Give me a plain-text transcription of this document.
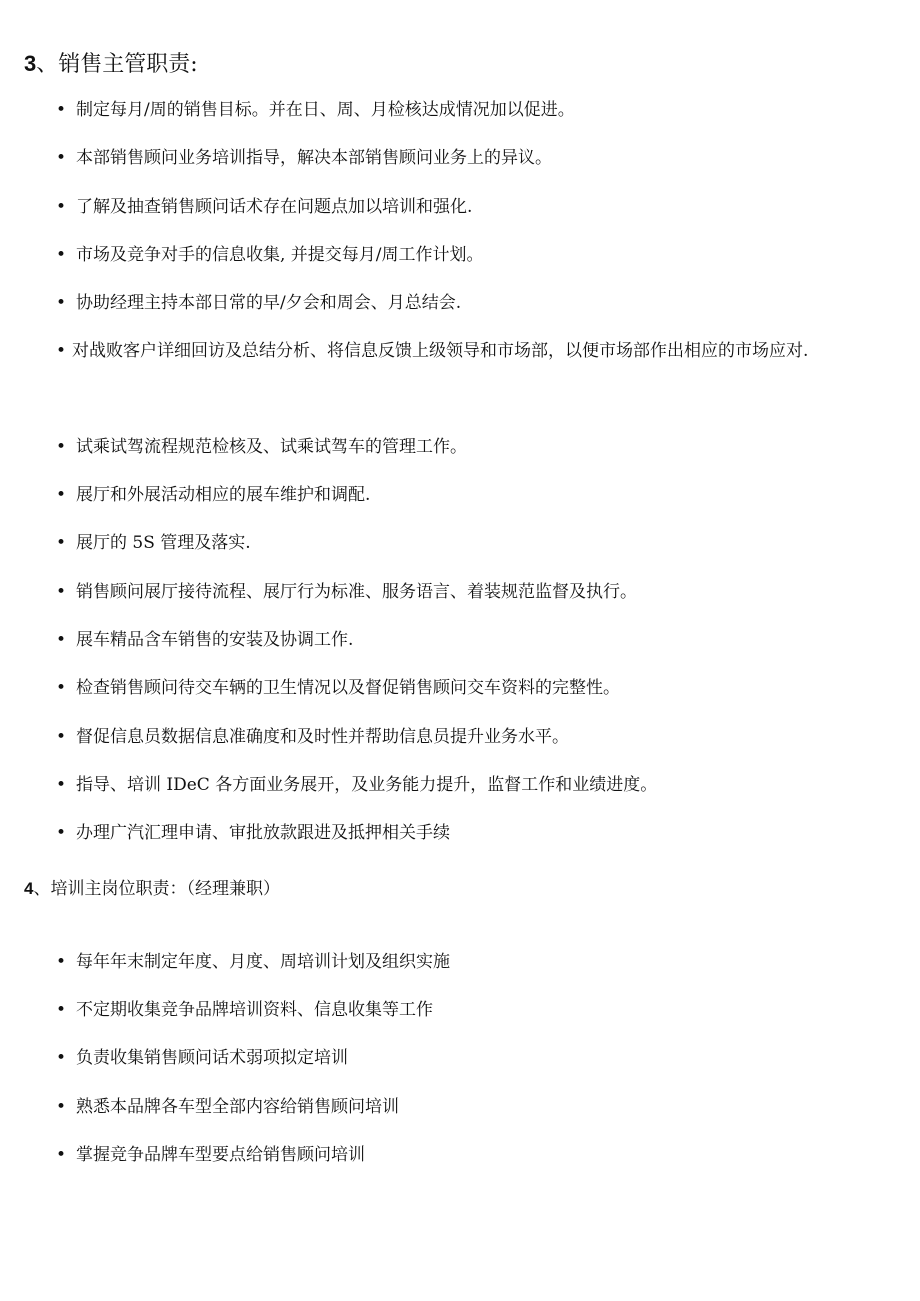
3、销售主管职责:
• 制定每月/周的销售目标。并在日、周、月检核达成情况加以促进。
• 本部销售顾问业务培训指导，解决本部销售顾问业务上的异议。
• 了解及抽查销售顾问话术存在问题点加以培训和强化.
• 市场及竞争对手的信息收集, 并提交每月/周工作计划。
• 协助经理主持本部日常的早/夕会和周会、月总结会.
• 对战败客户详细回访及总结分析、将信息反馈上级领导和市场部，以便市场部作出相应的市场应对.
• 试乘试驾流程规范检核及、试乘试驾车的管理工作。
• 展厅和外展活动相应的展车维护和调配.
• 展厅的 5S 管理及落实.
• 销售顾问展厅接待流程、展厅行为标准、服务语言、着装规范监督及执行。
• 展车精品含车销售的安装及协调工作.
• 检查销售顾问待交车辆的卫生情况以及督促销售顾问交车资料的完整性。
• 督促信息员数据信息准确度和及时性并帮助信息员提升业务水平。
• 指导、培训 IDeC 各方面业务展开，及业务能力提升，监督工作和业绩进度。
• 办理广汽汇理申请、审批放款跟进及抵押相关手续
4、培训主岗位职责：（经理兼职）
• 每年年末制定年度、月度、周培训计划及组织实施
• 不定期收集竞争品牌培训资料、信息收集等工作
• 负责收集销售顾问话术弱项拟定培训
• 熟悉本品牌各车型全部内容给销售顾问培训
• 掌握竞争品牌车型要点给销售顾问培训
